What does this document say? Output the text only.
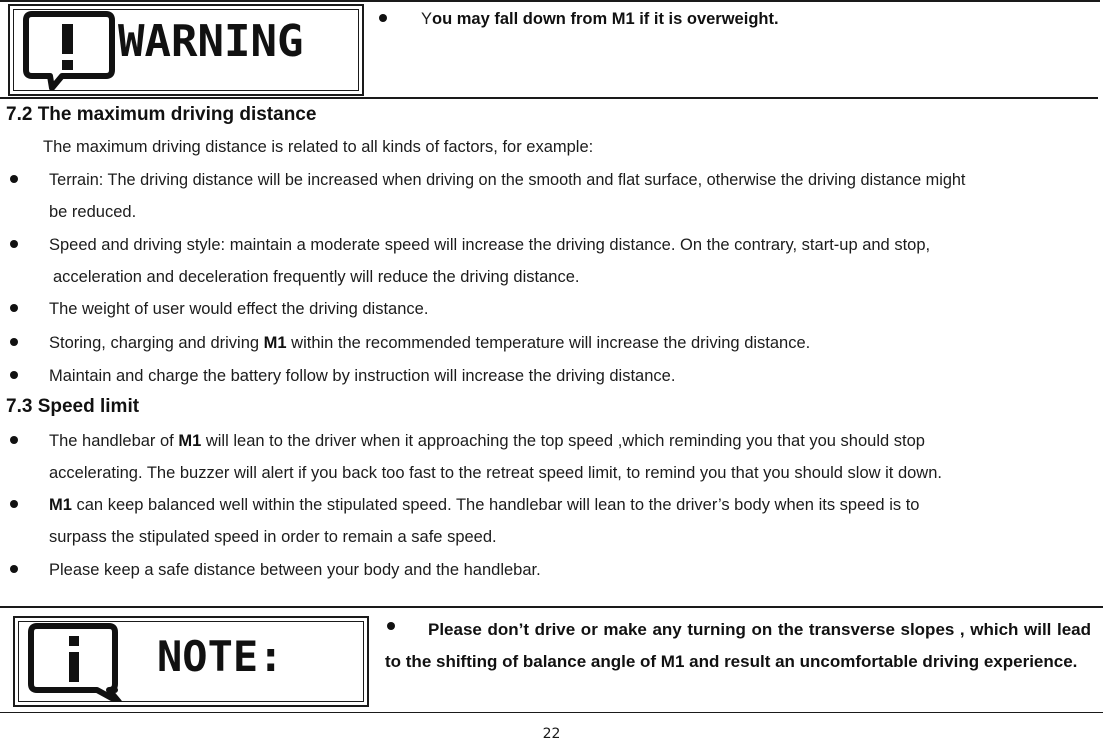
WARNING	You may fall down from M1 if it is overweight.
7.2 The maximum driving distance
The maximum driving distance is related to all kinds of factors, for example:
Terrain: The driving distance will be increased when driving on the smooth and flat surface, otherwise the driving distance might
be reduced.
Speed and driving style: maintain a moderate speed will increase the driving distance. On the contrary, start-up and stop,
acceleration and deceleration frequently will reduce the driving distance.
The weight of user would effect the driving distance.
Storing, charging and driving M1 within the recommended temperature will increase the driving distance.
Maintain and charge the battery follow by instruction will increase the driving distance.
7.3 Speed limit
The handlebar of M1 will lean to the driver when it approaching the top speed ,which reminding you that you should stop
accelerating. The buzzer will alert if you back too fast to the retreat speed limit, to remind you that you should slow it down.
M1 can keep balanced well within the stipulated speed. The handlebar will lean to the driver’s body when its speed is to
surpass the stipulated speed in order to remain a safe speed.
Please keep a safe distance between your body and the handlebar.
NOTE:
Please don’t drive or make any turning on the transverse slopes , which will lead to the shifting of balance angle of M1 and result an uncomfortable driving experience.
22
